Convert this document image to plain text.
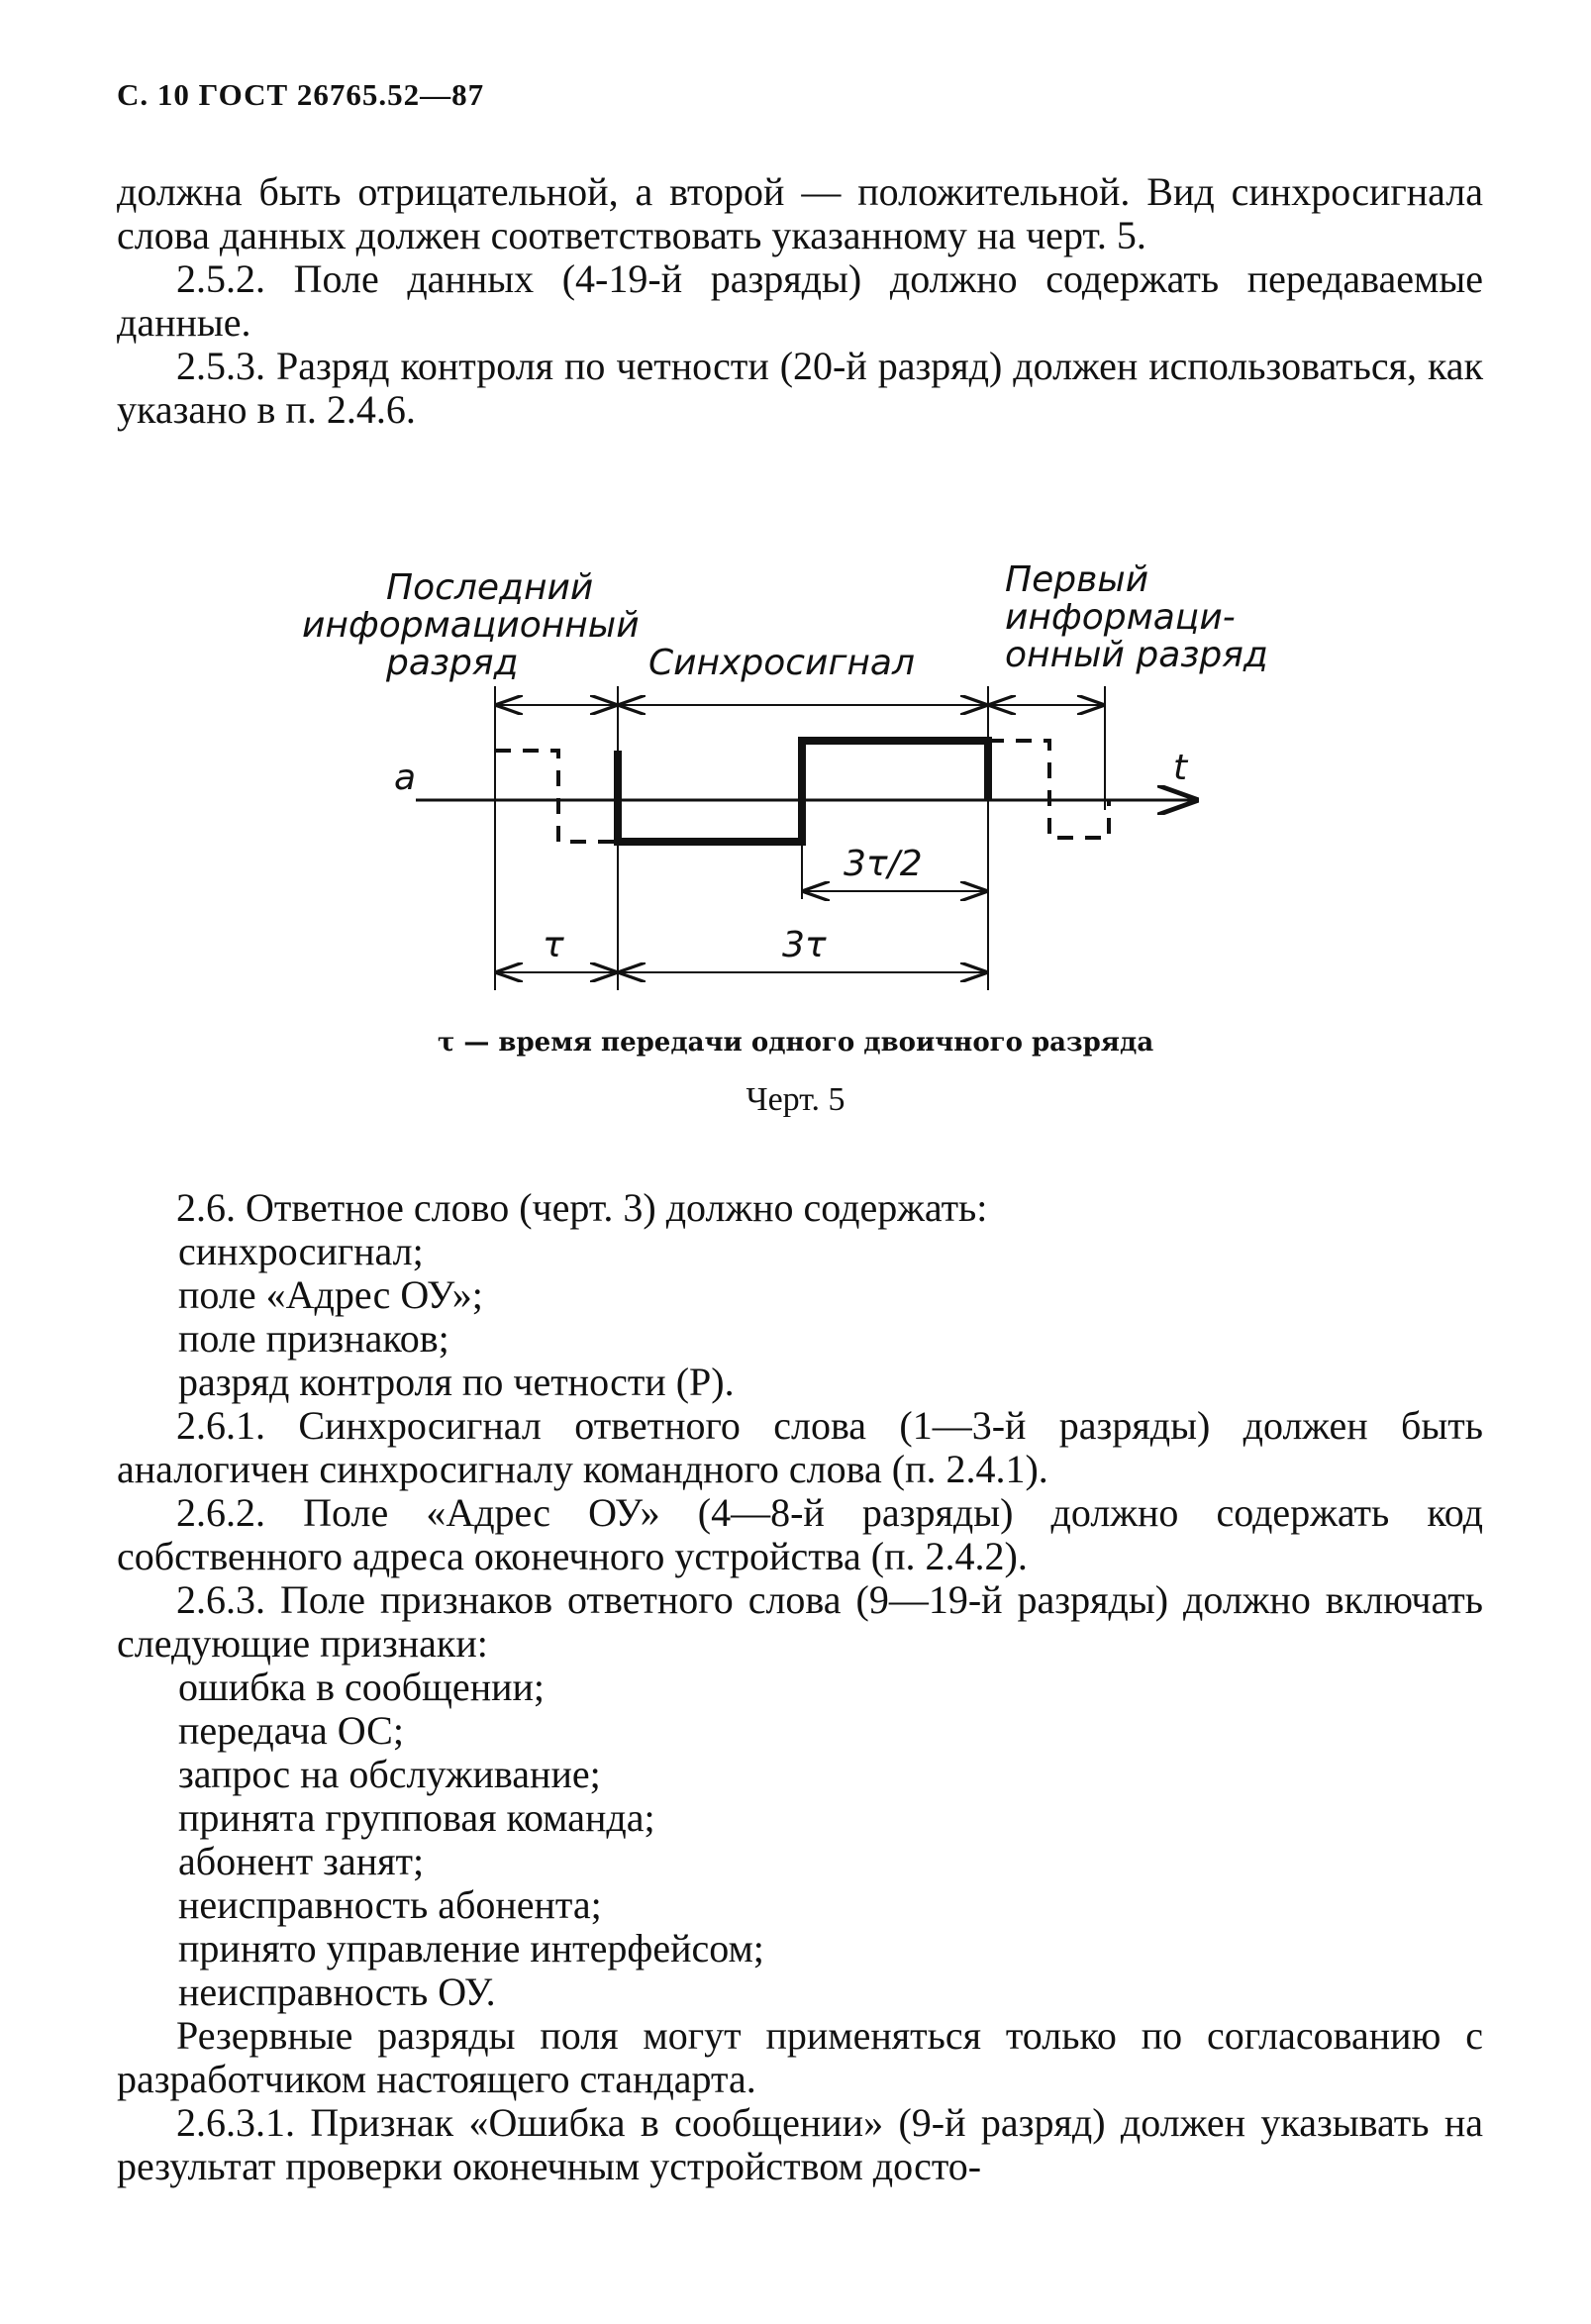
С. 10 ГОСТ 26765.52—87

должна быть отрицательной, а второй — положительной. Вид синхросигнала слова данных должен соответствовать указанному на черт. 5.

2.5.2. Поле данных (4-19-й разряды) должно содержать передаваемые данные.

2.5.3. Разряд контроля по четности (20-й разряд) должен использоваться, как указано в п. 2.4.6.

Последний
информационный
разряд	Синхросигнал
Первый
информаци-
онный разряд
a	t
3τ/2
τ	3τ
τ — время передачи одного двоичного разряда
Черт. 5

2.6. Ответное слово (черт. 3) должно содержать:

синхросигнал;

поле «Адрес ОУ»;

поле признаков;

разряд контроля по четности (Р).

2.6.1. Синхросигнал ответного слова (1—3-й разряды) должен быть аналогичен синхросигналу командного слова (п. 2.4.1).

2.6.2. Поле «Адрес ОУ» (4—8-й разряды) должно содержать код собственного адреса оконечного устройства (п. 2.4.2).

2.6.3. Поле признаков ответного слова (9—19-й разряды) должно включать следующие признаки:

ошибка в сообщении;

передача ОС;

запрос на обслуживание;

принята групповая команда;

абонент занят;

неисправность абонента;

принято управление интерфейсом;

неисправность ОУ.

Резервные разряды поля могут применяться только по согласованию с разработчиком настоящего стандарта.

2.6.3.1. Признак «Ошибка в сообщении» (9-й разряд) должен указывать на результат проверки оконечным устройством досто-
